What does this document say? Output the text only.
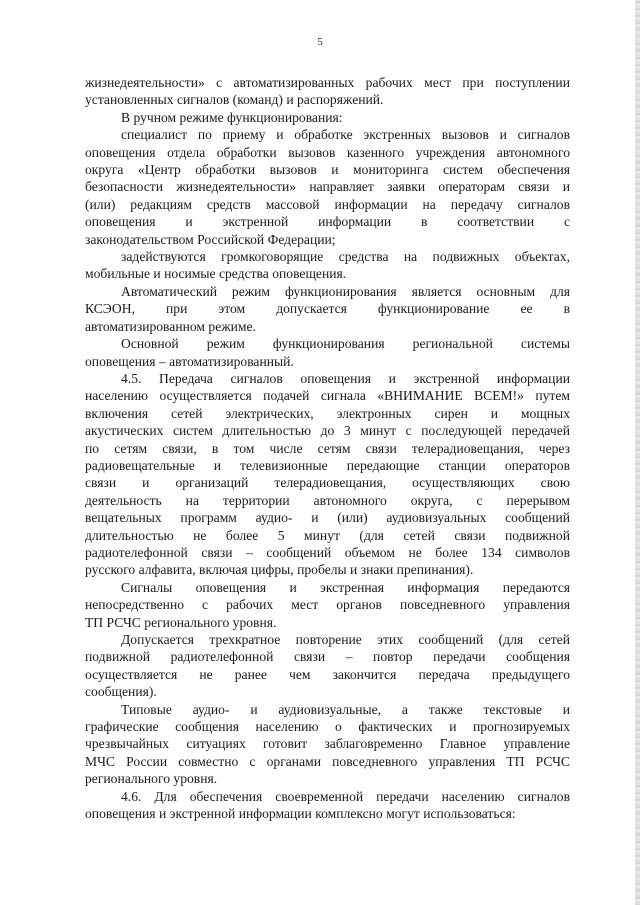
5

жизнедеятельности» с автоматизированных рабочих мест при поступлении

установленных сигналов (команд) и распоряжений.

В ручном режиме функционирования:

специалист по приему и обработке экстренных вызовов и сигналов

оповещения отдела обработки вызовов казенного учреждения автономного

округа «Центр обработки вызовов и мониторинга систем обеспечения

безопасности жизнедеятельности» направляет заявки операторам связи и

(или) редакциям средств массовой информации на передачу сигналов

оповещения и экстренной информации в соответствии с

законодательством Российской Федерации;

задействуются громкоговорящие средства на подвижных объектах,

мобильные и носимые средства оповещения.

Автоматический режим функционирования является основным для

КСЭОН, при этом допускается функционирование ее в

автоматизированном режиме.

Основной режим функционирования региональной системы

оповещения – автоматизированный.

4.5. Передача сигналов оповещения и экстренной информации

населению осуществляется подачей сигнала «ВНИМАНИЕ ВСЕМ!» путем

включения сетей электрических, электронных сирен и мощных

акустических систем длительностью до 3 минут с последующей передачей

по сетям связи, в том числе сетям связи телерадиовещания, через

радиовещательные и телевизионные передающие станции операторов

связи и организаций телерадиовещания, осуществляющих свою

деятельность на территории автономного округа, с перерывом

вещательных программ аудио- и (или) аудиовизуальных сообщений

длительностью не более 5 минут (для сетей связи подвижной

радиотелефонной связи – сообщений объемом не более 134 символов

русского алфавита, включая цифры, пробелы и знаки препинания).

Сигналы оповещения и экстренная информация передаются

непосредственно с рабочих мест органов повседневного управления

ТП РСЧС регионального уровня.

Допускается трехкратное повторение этих сообщений (для сетей

подвижной радиотелефонной связи – повтор передачи сообщения

осуществляется не ранее чем закончится передача предыдущего

сообщения).

Типовые аудио- и аудиовизуальные, а также текстовые и

графические сообщения населению о фактических и прогнозируемых

чрезвычайных ситуациях готовит заблаговременно Главное управление

МЧС России совместно с органами повседневного управления ТП РСЧС

регионального уровня.

4.6. Для обеспечения своевременной передачи населению сигналов

оповещения и экстренной информации комплексно могут использоваться:
